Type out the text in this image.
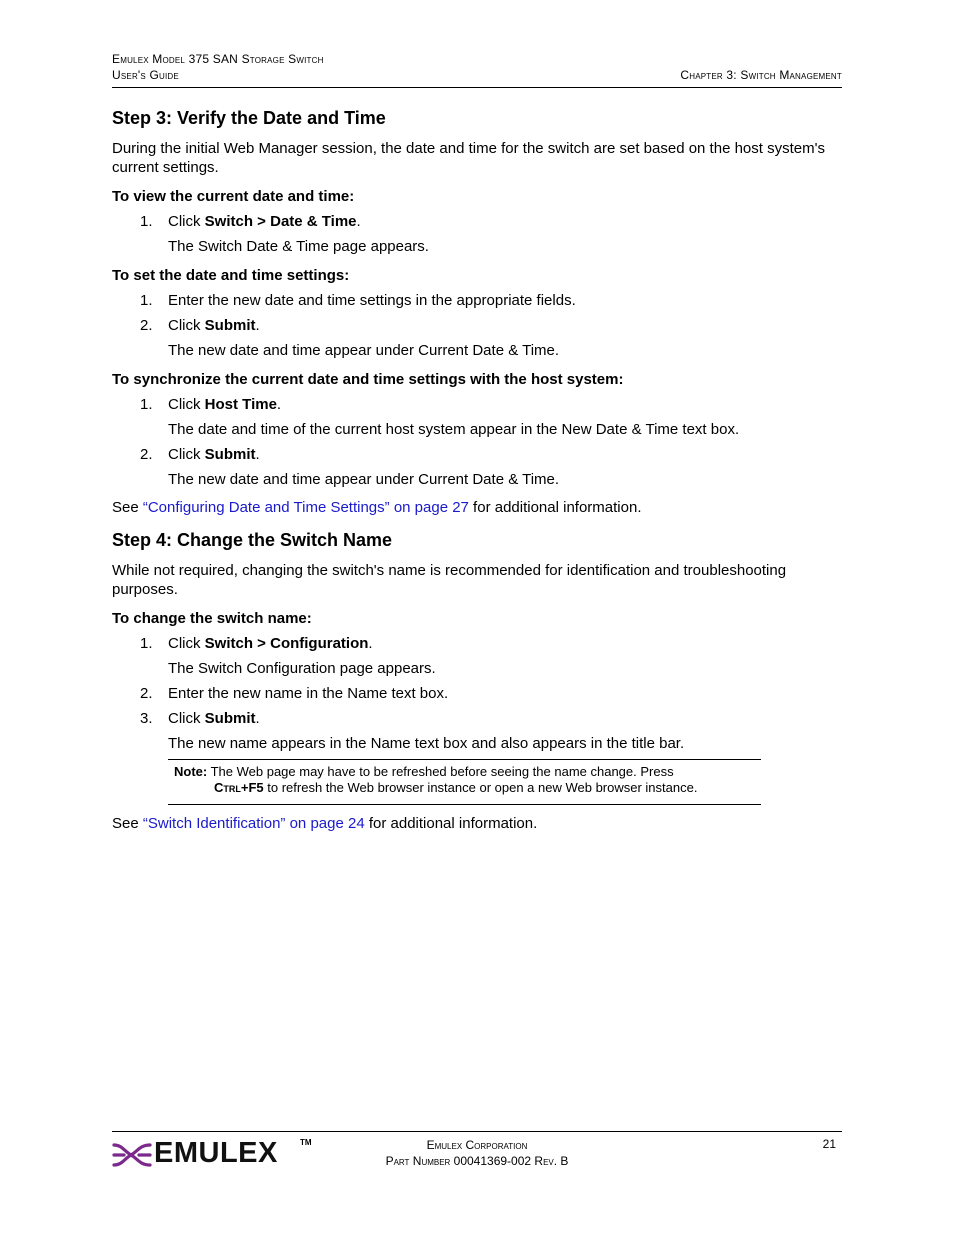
Emulex Model 375 SAN Storage Switch
User's Guide	Chapter 3: Switch Management
Step 3: Verify the Date and Time

During the initial Web Manager session, the date and time for the switch are set based on the host system's current settings.

To view the current date and time:
1. Click Switch > Date & Time.
The Switch Date & Time page appears.
To set the date and time settings:
1. Enter the new date and time settings in the appropriate fields.
2. Click Submit.
The new date and time appear under Current Date & Time.
To synchronize the current date and time settings with the host system:
1. Click Host Time.
The date and time of the current host system appear in the New Date & Time text box.
2. Click Submit.
The new date and time appear under Current Date & Time.

See “Configuring Date and Time Settings” on page 27 for additional information.

Step 4: Change the Switch Name

While not required, changing the switch's name is recommended for identification and troubleshooting purposes.

To change the switch name:
1. Click Switch > Configuration.
The Switch Configuration page appears.
2. Enter the new name in the Name text box.
3. Click Submit.
The new name appears in the Name text box and also appears in the title bar.
Note: The Web page may have to be refreshed before seeing the name change. Press
Ctrl+F5 to refresh the Web browser instance or open a new Web browser instance.

See “Switch Identification” on page 24 for additional information.

EMULEX	TM	Emulex Corporation
Part Number 00041369-002 Rev. B
21
